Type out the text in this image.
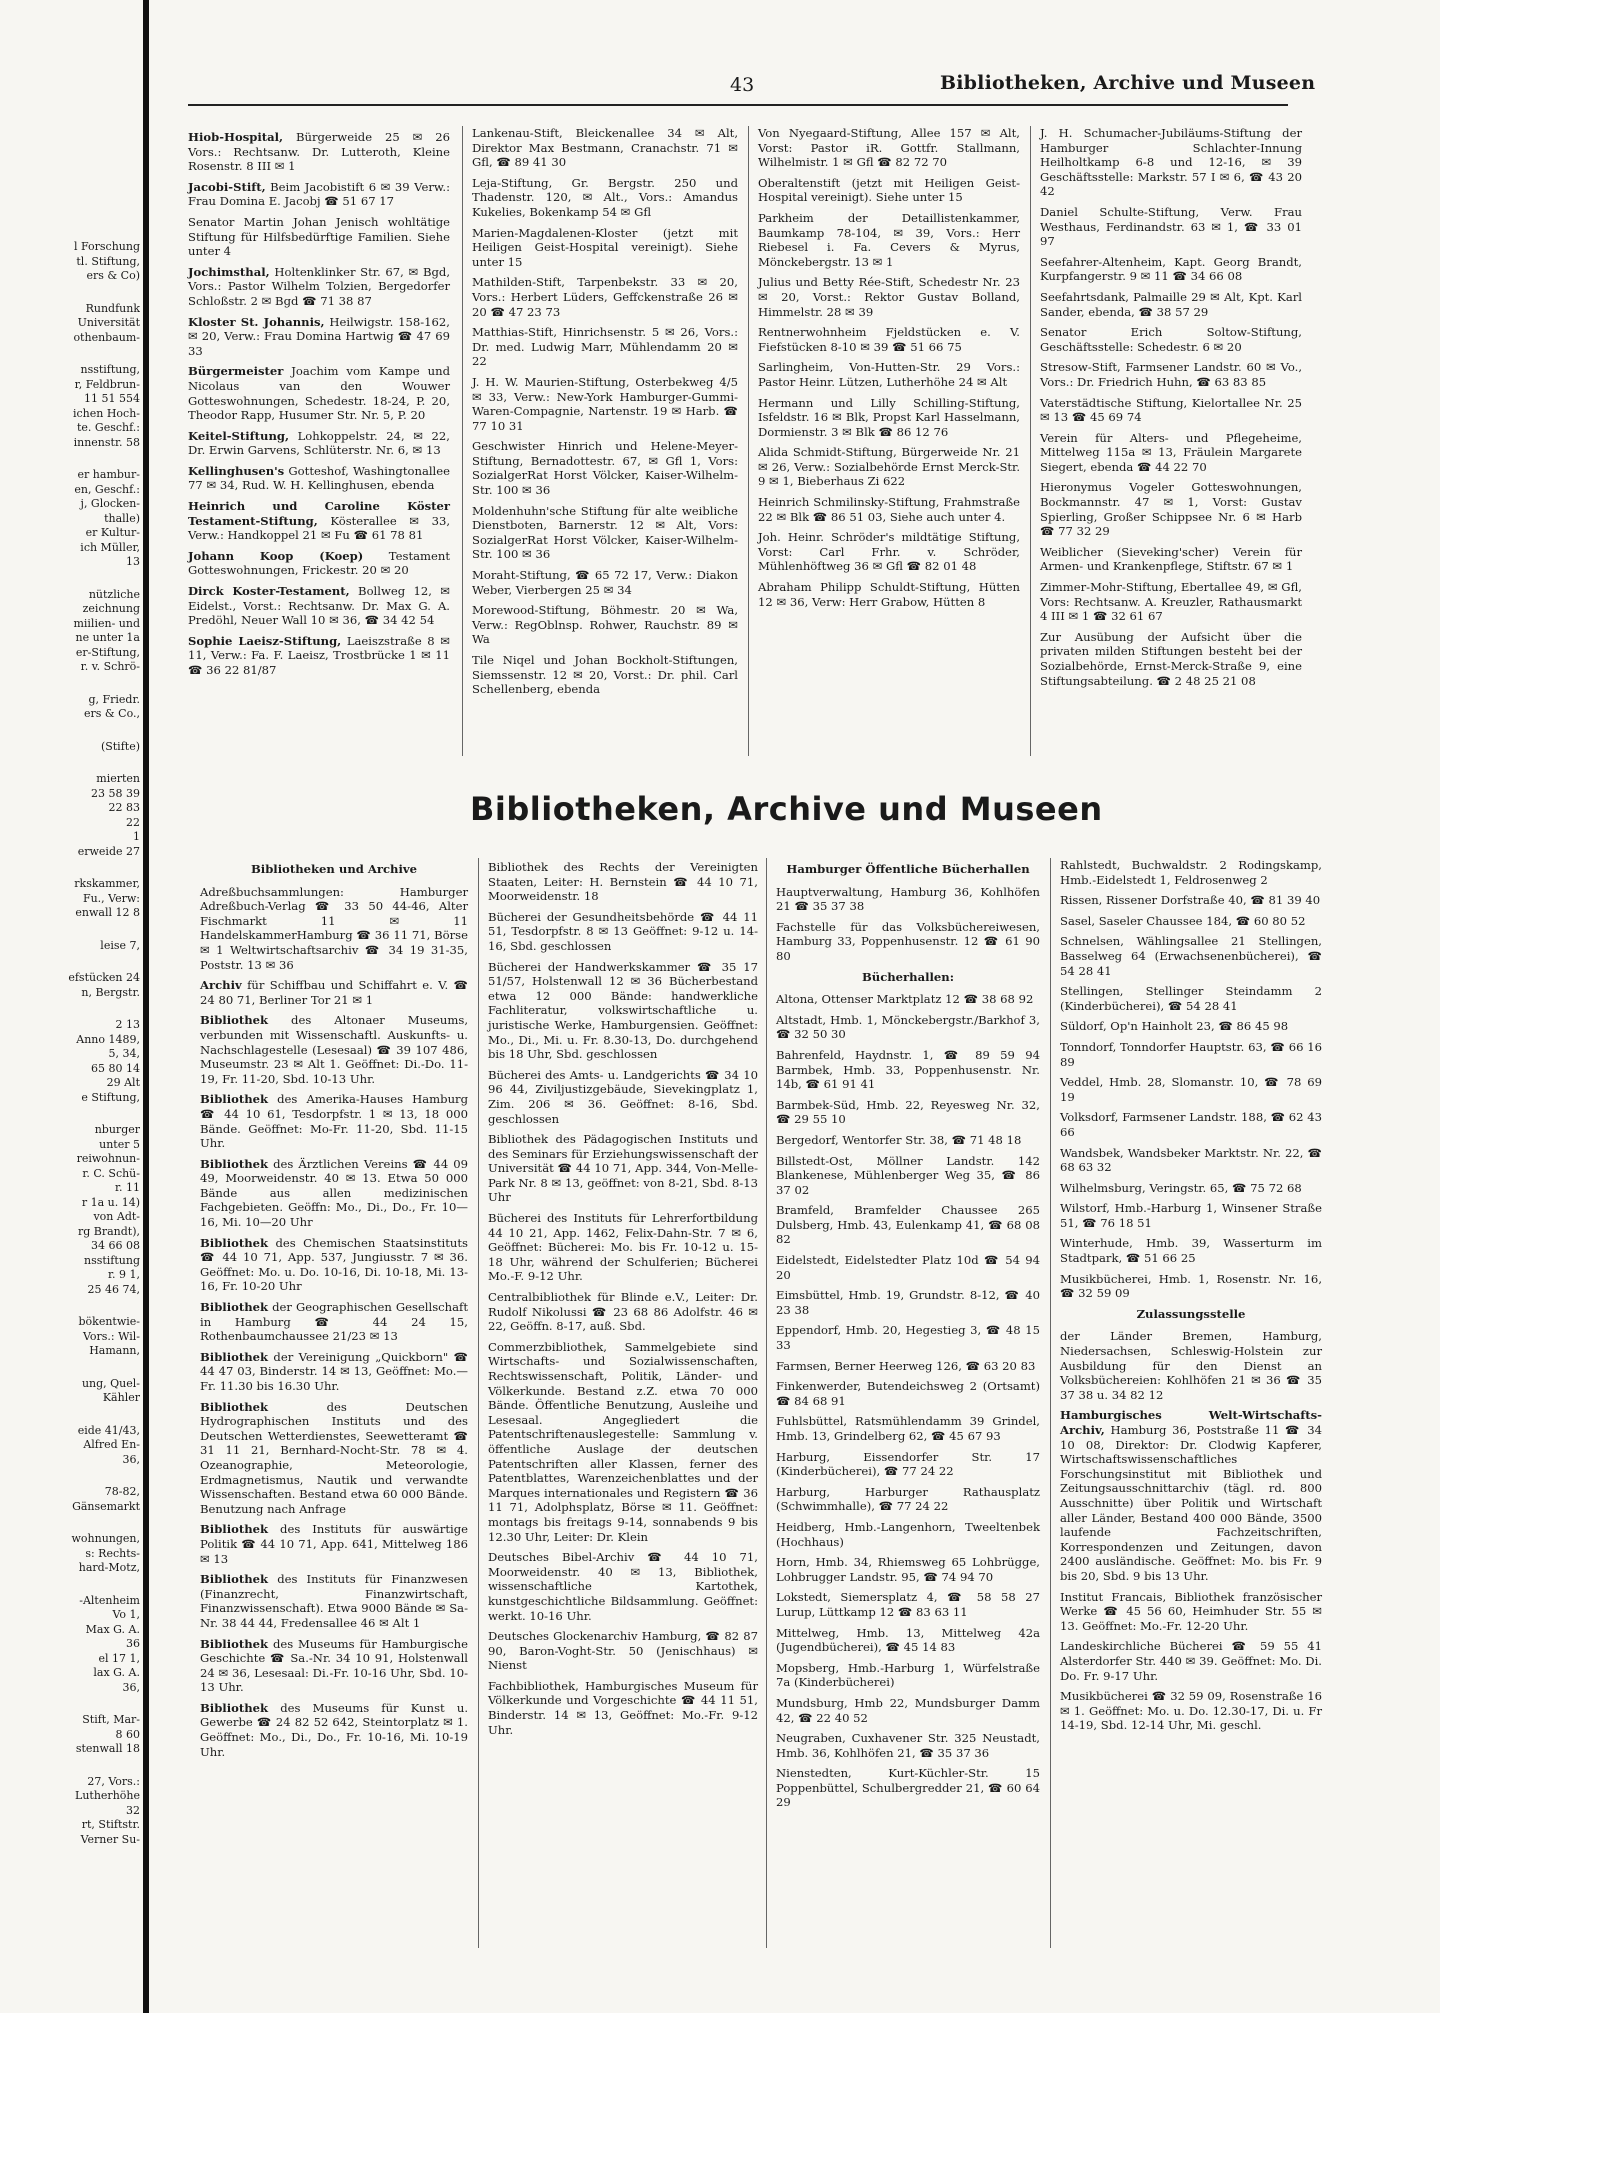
l Forschung
tl. Stiftung,
ers & Co)
Rundfunk
Universität
othenbaum-
nsstiftung,
r, Feldbrun-
11 51 554
ichen Hoch-
te. Geschf.:
innenstr. 58
er hambur-
en, Geschf.:
j, Glocken-
thalle)
er Kultur-
ich Müller,
13
nützliche
zeichnung
miilien- und
ne unter 1a
er-Stiftung,
r. v. Schrö-
g, Friedr.
ers & Co.,
(Stifte)
mierten
23 58 39
22 83
22
1
erweide 27
rkskammer,
Fu., Verw:
enwall 12 8
leise 7,
efstücken 24
n, Bergstr.
2 13
Anno 1489,
5, 34,
65 80 14
29 Alt
e Stiftung,
nburger
unter 5
reiwohnun-
r. C. Schü-
r. 11
r 1a u. 14)
von Adt-
rg Brandt),
34 66 08
nsstiftung
r. 9 1,
25 46 74,
bökentwie-
Vors.: Wil-
Hamann,
ung, Quel-
Kähler
eide 41/43,
Alfred En-
36,
78-82,
Gänsemarkt
wohnungen,
s: Rechts-
hard-Motz,
-Altenheim
Vo 1,
Max G. A.
36
el 17 1,
lax G. A.
36,
Stift, Mar-
8 60
stenwall 18
27, Vors.:
Lutherhöhe
32
rt, Stiftstr.
Verner Su-
43	Bibliotheken, Archive und Museen
Hiob-Hospital, Bürgerweide 25 ✉ 26 Vors.: Rechtsanw. Dr. Lutteroth, Kleine Rosenstr. 8 III ✉ 1
Jacobi-Stift, Beim Jacobistift 6 ✉ 39 Verw.: Frau Domina E. Jacobj ☎ 51 67 17
Senator Martin Johan Jenisch wohltätige Stiftung für Hilfsbedürftige Familien. Siehe unter 4
Jochimsthal, Holtenklinker Str. 67, ✉ Bgd, Vors.: Pastor Wilhelm Tolzien, Bergedorfer Schloßstr. 2 ✉ Bgd ☎ 71 38 87
Kloster St. Johannis, Heilwigstr. 158-162, ✉ 20, Verw.: Frau Domina Hartwig ☎ 47 69 33
Bürgermeister Joachim vom Kampe und Nicolaus van den Wouwer Gotteswohnungen, Schedestr. 18-24, P. 20, Theodor Rapp, Husumer Str. Nr. 5, P. 20
Keitel-Stiftung, Lohkoppelstr. 24, ✉ 22, Dr. Erwin Garvens, Schlüterstr. Nr. 6, ✉ 13
Kellinghusen's Gotteshof, Washingtonallee 77 ✉ 34, Rud. W. H. Kellinghusen, ebenda
Heinrich und Caroline Köster Testament-Stiftung, Kösterallee ✉ 33, Verw.: Handkoppel 21 ✉ Fu ☎ 61 78 81
Johann Koop (Koep) Testament Gotteswohnungen, Frickestr. 20 ✉ 20
Dirck Koster-Testament, Bollweg 12, ✉ Eidelst., Vorst.: Rechtsanw. Dr. Max G. A. Predöhl, Neuer Wall 10 ✉ 36, ☎ 34 42 54
Sophie Laeisz-Stiftung, Laeiszstraße 8 ✉ 11, Verw.: Fa. F. Laeisz, Trostbrücke 1 ✉ 11 ☎ 36 22 81/87
Lankenau-Stift, Bleickenallee 34 ✉ Alt, Direktor Max Bestmann, Cranachstr. 71 ✉ Gfl, ☎ 89 41 30
Leja-Stiftung, Gr. Bergstr. 250 und Thadenstr. 120, ✉ Alt., Vors.: Amandus Kukelies, Bokenkamp 54 ✉ Gfl
Marien-Magdalenen-Kloster (jetzt mit Heiligen Geist-Hospital vereinigt). Siehe unter 15
Mathilden-Stift, Tarpenbekstr. 33 ✉ 20, Vors.: Herbert Lüders, Geffckenstraße 26 ✉ 20 ☎ 47 23 73
Matthias-Stift, Hinrichsenstr. 5 ✉ 26, Vors.: Dr. med. Ludwig Marr, Mühlendamm 20 ✉ 22
J. H. W. Maurien-Stiftung, Osterbekweg 4/5 ✉ 33, Verw.: New-York Hamburger-Gummi-Waren-Compagnie, Nartenstr. 19 ✉ Harb. ☎ 77 10 31
Geschwister Hinrich und Helene-Meyer-Stiftung, Bernadottestr. 67, ✉ Gfl 1, Vors: SozialgerRat Horst Völcker, Kaiser-Wilhelm-Str. 100 ✉ 36
Moldenhuhn'sche Stiftung für alte weibliche Dienstboten, Barnerstr. 12 ✉ Alt, Vors: SozialgerRat Horst Völcker, Kaiser-Wilhelm-Str. 100 ✉ 36
Moraht-Stiftung, ☎ 65 72 17, Verw.: Diakon Weber, Vierbergen 25 ✉ 34
Morewood-Stiftung, Böhmestr. 20 ✉ Wa, Verw.: RegOblnsp. Rohwer, Rauchstr. 89 ✉ Wa
Tile Niqel und Johan Bockholt-Stiftungen, Siemssenstr. 12 ✉ 20, Vorst.: Dr. phil. Carl Schellenberg, ebenda
Von Nyegaard-Stiftung, Allee 157 ✉ Alt, Vorst: Pastor iR. Gottfr. Stallmann, Wilhelmistr. 1 ✉ Gfl ☎ 82 72 70
Oberaltenstift (jetzt mit Heiligen Geist-Hospital vereinigt). Siehe unter 15
Parkheim der Detaillistenkammer, Baumkamp 78-104, ✉ 39, Vors.: Herr Riebesel i. Fa. Cevers & Myrus, Mönckebergstr. 13 ✉ 1
Julius und Betty Rée-Stift, Schedestr Nr. 23 ✉ 20, Vorst.: Rektor Gustav Bolland, Himmelstr. 28 ✉ 39
Rentnerwohnheim Fjeldstücken e. V. Fiefstücken 8-10 ✉ 39 ☎ 51 66 75
Sarlingheim, Von-Hutten-Str. 29 Vors.: Pastor Heinr. Lützen, Lutherhöhe 24 ✉ Alt
Hermann und Lilly Schilling-Stiftung, Isfeldstr. 16 ✉ Blk, Propst Karl Hasselmann, Dormienstr. 3 ✉ Blk ☎ 86 12 76
Alida Schmidt-Stiftung, Bürgerweide Nr. 21 ✉ 26, Verw.: Sozialbehörde Ernst Merck-Str. 9 ✉ 1, Bieberhaus Zi 622
Heinrich Schmilinsky-Stiftung, Frahmstraße 22 ✉ Blk ☎ 86 51 03, Siehe auch unter 4.
Joh. Heinr. Schröder's mildtätige Stiftung, Vorst: Carl Frhr. v. Schröder, Mühlenhöftweg 36 ✉ Gfl ☎ 82 01 48
Abraham Philipp Schuldt-Stiftung, Hütten 12 ✉ 36, Verw: Herr Grabow, Hütten 8
J. H. Schumacher-Jubiläums-Stiftung der Hamburger Schlachter-Innung Heilholtkamp 6-8 und 12-16, ✉ 39 Geschäftsstelle: Markstr. 57 I ✉ 6, ☎ 43 20 42
Daniel Schulte-Stiftung, Verw. Frau Westhaus, Ferdinandstr. 63 ✉ 1, ☎ 33 01 97
Seefahrer-Altenheim, Kapt. Georg Brandt, Kurpfangerstr. 9 ✉ 11 ☎ 34 66 08
Seefahrtsdank, Palmaille 29 ✉ Alt, Kpt. Karl Sander, ebenda, ☎ 38 57 29
Senator Erich Soltow-Stiftung, Geschäftsstelle: Schedestr. 6 ✉ 20
Stresow-Stift, Farmsener Landstr. 60 ✉ Vo., Vors.: Dr. Friedrich Huhn, ☎ 63 83 85
Vaterstädtische Stiftung, Kielortallee Nr. 25 ✉ 13 ☎ 45 69 74
Verein für Alters- und Pflegeheime, Mittelweg 115a ✉ 13, Fräulein Margarete Siegert, ebenda ☎ 44 22 70
Hieronymus Vogeler Gotteswohnungen, Bockmannstr. 47 ✉ 1, Vorst: Gustav Spierling, Großer Schippsee Nr. 6 ✉ Harb ☎ 77 32 29
Weiblicher (Sieveking'scher) Verein für Armen- und Krankenpflege, Stiftstr. 67 ✉ 1
Zimmer-Mohr-Stiftung, Ebertallee 49, ✉ Gfl, Vors: Rechtsanw. A. Kreuzler, Rathausmarkt 4 III ✉ 1 ☎ 32 61 67
Zur Ausübung der Aufsicht über die privaten milden Stiftungen besteht bei der Sozialbehörde, Ernst-Merck-Straße 9, eine Stiftungsabteilung. ☎ 2 48 25 21 08
Bibliotheken, Archive und Museen
Bibliotheken und Archive
Adreßbuchsammlungen: Hamburger Adreßbuch-Verlag ☎ 33 50 44-46, Alter Fischmarkt 11 ✉ 11 HandelskammerHamburg ☎ 36 11 71, Börse ✉ 1 Weltwirtschaftsarchiv ☎ 34 19 31-35, Poststr. 13 ✉ 36
Archiv für Schiffbau und Schiffahrt e. V. ☎ 24 80 71, Berliner Tor 21 ✉ 1
Bibliothek des Altonaer Museums, verbunden mit Wissenschaftl. Auskunfts- u. Nachschlagestelle (Lesesaal) ☎ 39 107 486, Museumstr. 23 ✉ Alt 1. Geöffnet: Di.-Do. 11-19, Fr. 11-20, Sbd. 10-13 Uhr.
Bibliothek des Amerika-Hauses Hamburg ☎ 44 10 61, Tesdorpfstr. 1 ✉ 13, 18 000 Bände. Geöffnet: Mo-Fr. 11-20, Sbd. 11-15 Uhr.
Bibliothek des Ärztlichen Vereins ☎ 44 09 49, Moorweidenstr. 40 ✉ 13. Etwa 50 000 Bände aus allen medizinischen Fachgebieten. Geöffn: Mo., Di., Do., Fr. 10—16, Mi. 10—20 Uhr
Bibliothek des Chemischen Staatsinstituts ☎ 44 10 71, App. 537, Jungiusstr. 7 ✉ 36. Geöffnet: Mo. u. Do. 10-16, Di. 10-18, Mi. 13-16, Fr. 10-20 Uhr
Bibliothek der Geographischen Gesellschaft in Hamburg ☎ 44 24 15, Rothenbaumchaussee 21/23 ✉ 13
Bibliothek der Vereinigung „Quickborn" ☎ 44 47 03, Binderstr. 14 ✉ 13, Geöffnet: Mo.—Fr. 11.30 bis 16.30 Uhr.
Bibliothek	des Deutschen Hydrographischen Instituts und des Deutschen Wetterdienstes, Seewetteramt ☎ 31 11 21, Bernhard-Nocht-Str. 78 ✉ 4. Ozeanographie, Meteorologie, Erdmagnetismus, Nautik und verwandte Wissenschaften. Bestand etwa 60 000 Bände. Benutzung nach Anfrage
Bibliothek des Instituts für auswärtige Politik ☎ 44 10 71, App. 641, Mittelweg 186 ✉ 13
Bibliothek des Instituts für Finanzwesen (Finanzrecht, Finanzwirtschaft, Finanzwissenschaft). Etwa 9000 Bände ✉ Sa-Nr. 38 44 44, Fredensallee 46 ✉ Alt 1
Bibliothek des Museums für Hamburgische Geschichte ☎ Sa.-Nr. 34 10 91, Holstenwall 24 ✉ 36, Lesesaal: Di.-Fr. 10-16 Uhr, Sbd. 10-13 Uhr.
Bibliothek des Museums für Kunst u. Gewerbe ☎ 24 82 52 642, Steintorplatz ✉ 1. Geöffnet: Mo., Di., Do., Fr. 10-16, Mi. 10-19 Uhr.
Bibliothek des Rechts der Vereinigten Staaten, Leiter: H. Bernstein ☎ 44 10 71, Moorweidenstr. 18
Bücherei der Gesundheitsbehörde ☎ 44 11 51, Tesdorpfstr. 8 ✉ 13 Geöffnet: 9-12 u. 14-16, Sbd. geschlossen
Bücherei der Handwerkskammer ☎ 35 17 51/57, Holstenwall 12 ✉ 36 Bücherbestand etwa 12 000 Bände: handwerkliche Fachliteratur, volkswirtschaftliche u. juristische Werke, Hamburgensien. Geöffnet: Mo., Di., Mi. u. Fr. 8.30-13, Do. durchgehend bis 18 Uhr, Sbd. geschlossen
Bücherei des Amts- u. Landgerichts ☎ 34 10 96 44, Ziviljustizgebäude, Sievekingplatz 1, Zim. 206 ✉ 36. Geöffnet: 8-16, Sbd. geschlossen
Bibliothek des Pädagogischen Instituts und des Seminars für Erziehungswissenschaft der Universität ☎ 44 10 71, App. 344, Von-Melle-Park Nr. 8 ✉ 13, geöffnet: von 8-21, Sbd. 8-13 Uhr
Bücherei des Instituts für Lehrerfortbildung 44 10 21, App. 1462, Felix-Dahn-Str. 7 ✉ 6, Geöffnet: Bücherei: Mo. bis Fr. 10-12 u. 15-18 Uhr, während der Schulferien; Bücherei Mo.-F. 9-12 Uhr.
Centralbibliothek für Blinde e.V., Leiter: Dr. Rudolf Nikolussi ☎ 23 68 86 Adolfstr. 46 ✉ 22, Geöffn. 8-17, auß. Sbd.
Commerzbibliothek, Sammelgebiete sind Wirtschafts- und Sozialwissenschaften, Rechtswissenschaft, Politik, Länder- und Völkerkunde. Bestand z.Z. etwa 70 000 Bände. Öffentliche Benutzung, Ausleihe und Lesesaal. Angegliedert die Patentschriftenauslegestelle: Sammlung v. öffentliche Auslage der deutschen Patentschriften aller Klassen, ferner des Patentblattes, Warenzeichenblattes und der Marques internationales und Registern ☎ 36 11 71, Adolphsplatz, Börse ✉ 11. Geöffnet: montags bis freitags 9-14, sonnabends 9 bis 12.30 Uhr, Leiter: Dr. Klein
Deutsches Bibel-Archiv ☎ 44 10 71, Moorweidenstr. 40 ✉ 13, Bibliothek, wissenschaftliche Kartothek, kunstgeschichtliche Bildsammlung. Geöffnet: werkt. 10-16 Uhr.
Deutsches Glockenarchiv Hamburg, ☎ 82 87 90, Baron-Voght-Str. 50 (Jenischhaus) ✉ Nienst
Fachbibliothek, Hamburgisches Museum für Völkerkunde und Vorgeschichte ☎ 44 11 51, Binderstr. 14 ✉ 13, Geöffnet: Mo.-Fr. 9-12 Uhr.
Hamburger Öffentliche Bücherhallen
Hauptverwaltung, Hamburg 36, Kohlhöfen 21 ☎ 35 37 38
Fachstelle für das Volksbüchereiwesen, Hamburg 33, Poppenhusenstr. 12 ☎ 61 90 80
Bücherhallen:
Altona, Ottenser Marktplatz 12 ☎ 38 68 92
Altstadt, Hmb. 1, Mönckebergstr./Barkhof 3, ☎ 32 50 30
Bahrenfeld, Haydnstr. 1, ☎ 89 59 94 Barmbek, Hmb. 33, Poppenhusenstr. Nr. 14b, ☎ 61 91 41
Barmbek-Süd, Hmb. 22, Reyesweg Nr. 32, ☎ 29 55 10
Bergedorf, Wentorfer Str. 38, ☎ 71 48 18
Billstedt-Ost, Möllner Landstr. 142 Blankenese, Mühlenberger Weg 35, ☎ 86 37 02
Bramfeld, Bramfelder Chaussee 265 Dulsberg, Hmb. 43, Eulenkamp 41, ☎ 68 08 82
Eidelstedt, Eidelstedter Platz 10d ☎ 54 94 20
Eimsbüttel, Hmb. 19, Grundstr. 8-12, ☎ 40 23 38
Eppendorf, Hmb. 20, Hegestieg 3, ☎ 48 15 33
Farmsen, Berner Heerweg 126, ☎ 63 20 83
Finkenwerder, Butendeichsweg 2 (Ortsamt) ☎ 84 68 91
Fuhlsbüttel, Ratsmühlendamm 39 Grindel, Hmb. 13, Grindelberg 62, ☎ 45 67 93
Harburg, Eissendorfer Str. 17 (Kinderbücherei), ☎ 77 24 22
Harburg, Harburger Rathausplatz (Schwimmhalle), ☎ 77 24 22
Heidberg, Hmb.-Langenhorn, Tweeltenbek (Hochhaus)
Horn, Hmb. 34, Rhiemsweg 65 Lohbrügge, Lohbrugger Landstr. 95, ☎ 74 94 70
Lokstedt, Siemersplatz 4, ☎ 58 58 27 Lurup, Lüttkamp 12 ☎ 83 63 11
Mittelweg, Hmb. 13, Mittelweg 42a (Jugendbücherei), ☎ 45 14 83
Mopsberg, Hmb.-Harburg 1, Würfelstraße 7a (Kinderbücherei)
Mundsburg, Hmb 22, Mundsburger Damm 42, ☎ 22 40 52
Neugraben, Cuxhavener Str. 325 Neustadt, Hmb. 36, Kohlhöfen 21, ☎ 35 37 36
Nienstedten, Kurt-Küchler-Str. 15 Poppenbüttel, Schulbergredder 21, ☎ 60 64 29
Rahlstedt, Buchwaldstr. 2 Rodingskamp, Hmb.-Eidelstedt 1, Feldrosenweg 2
Rissen, Rissener Dorfstraße 40, ☎ 81 39 40
Sasel, Saseler Chaussee 184, ☎ 60 80 52
Schnelsen, Wählingsallee 21 Stellingen, Basselweg 64 (Erwachsenenbücherei), ☎ 54 28 41
Stellingen, Stellinger Steindamm 2 (Kinderbücherei), ☎ 54 28 41
Süldorf, Op'n Hainholt 23, ☎ 86 45 98
Tonndorf, Tonndorfer Hauptstr. 63, ☎ 66 16 89
Veddel, Hmb. 28, Slomanstr. 10, ☎ 78 69 19
Volksdorf, Farmsener Landstr. 188, ☎ 62 43 66
Wandsbek, Wandsbeker Marktstr. Nr. 22, ☎ 68 63 32
Wilhelmsburg, Veringstr. 65, ☎ 75 72 68
Wilstorf, Hmb.-Harburg 1, Winsener Straße 51, ☎ 76 18 51
Winterhude, Hmb. 39, Wasserturm im Stadtpark, ☎ 51 66 25
Musikbücherei, Hmb. 1, Rosenstr. Nr. 16, ☎ 32 59 09
Zulassungsstelle
der Länder Bremen, Hamburg, Niedersachsen, Schleswig-Holstein zur Ausbildung für den Dienst an Volksbüchereien: Kohlhöfen 21 ✉ 36 ☎ 35 37 38 u. 34 82 12
Hamburgisches Welt-Wirtschafts-Archiv, Hamburg 36, Poststraße 11 ☎ 34 10 08, Direktor: Dr. Clodwig Kapferer, Wirtschaftswissenschaftliches Forschungsinstitut mit Bibliothek und Zeitungsausschnittarchiv (tägl. rd. 800 Ausschnitte) über Politik und Wirtschaft aller Länder, Bestand 400 000 Bände, 3500 laufende Fachzeitschriften, Korrespondenzen und Zeitungen, davon 2400 ausländische. Geöffnet: Mo. bis Fr. 9 bis 20, Sbd. 9 bis 13 Uhr.
Institut Francais, Bibliothek französischer Werke ☎ 45 56 60, Heimhuder Str. 55 ✉ 13. Geöffnet: Mo.-Fr. 12-20 Uhr.
Landeskirchliche Bücherei ☎ 59 55 41 Alsterdorfer Str. 440 ✉ 39. Geöffnet: Mo. Di. Do. Fr. 9-17 Uhr.
Musikbücherei ☎ 32 59 09, Rosenstraße 16 ✉ 1. Geöffnet: Mo. u. Do. 12.30-17, Di. u. Fr 14-19, Sbd. 12-14 Uhr, Mi. geschl.
